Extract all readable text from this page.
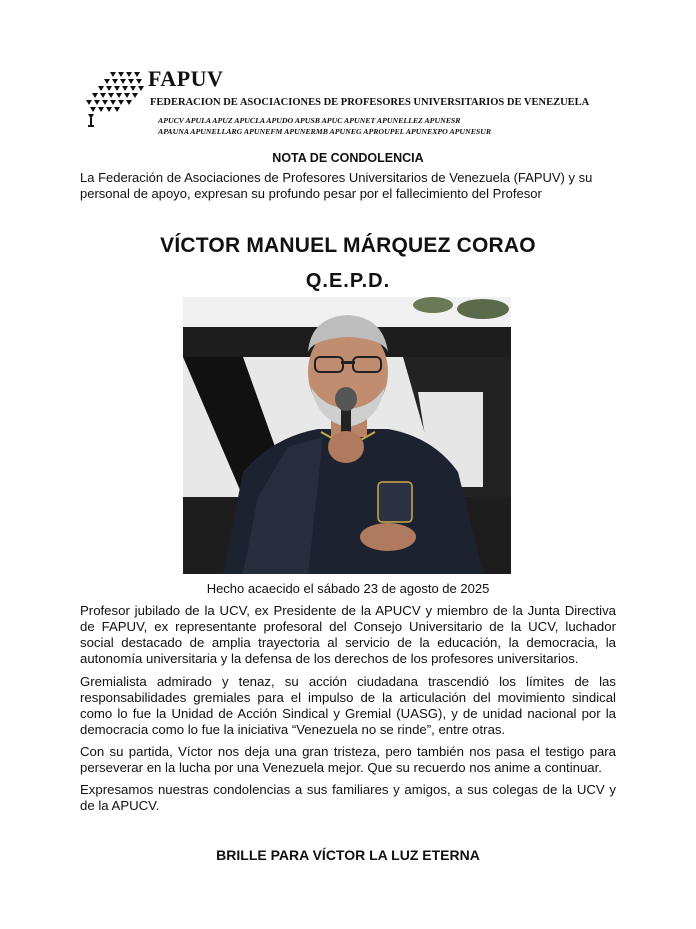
FAPUV
FEDERACION DE ASOCIACIONES DE PROFESORES UNIVERSITARIOS DE VENEZUELA
APUCV APULA APUZ APUCLA APUDO APUSB APUC APUNET APUNELLEZ APUNESR
APAUNA APUNELLARG APUNEFM APUNERMB APUNEG APROUPEL APUNEXPO APUNESUR
NOTA DE CONDOLENCIA
La Federación de Asociaciones de Profesores Universitarios de Venezuela (FAPUV) y su personal de apoyo, expresan su profundo pesar por el fallecimiento del Profesor
VÍCTOR MANUEL MÁRQUEZ CORAO
Q.E.P.D.
Hecho acaecido el sábado 23 de agosto de 2025

Profesor jubilado de la UCV, ex Presidente de la APUCV y miembro de la Junta Directiva de FAPUV, ex representante profesoral del Consejo Universitario de la UCV, luchador social destacado de amplia trayectoria al servicio de la educación, la democracia, la autonomía universitaria y la defensa de los derechos de los profesores universitarios.

Gremialista admirado y tenaz, su acción ciudadana trascendió los límites de las responsabilidades gremiales para el impulso de la articulación del movimiento sindical como lo fue la Unidad de Acción Sindical y Gremial (UASG), y de unidad nacional por la democracia como lo fue la iniciativa “Venezuela no se rinde”, entre otras.

Con su partida, Víctor nos deja una gran tristeza, pero también nos pasa el testigo para perseverar en la lucha por una Venezuela mejor. Que su recuerdo nos anime a continuar.

Expresamos nuestras condolencias a sus familiares y amigos, a sus colegas de la UCV y de la APUCV.

BRILLE PARA VÍCTOR LA LUZ ETERNA
